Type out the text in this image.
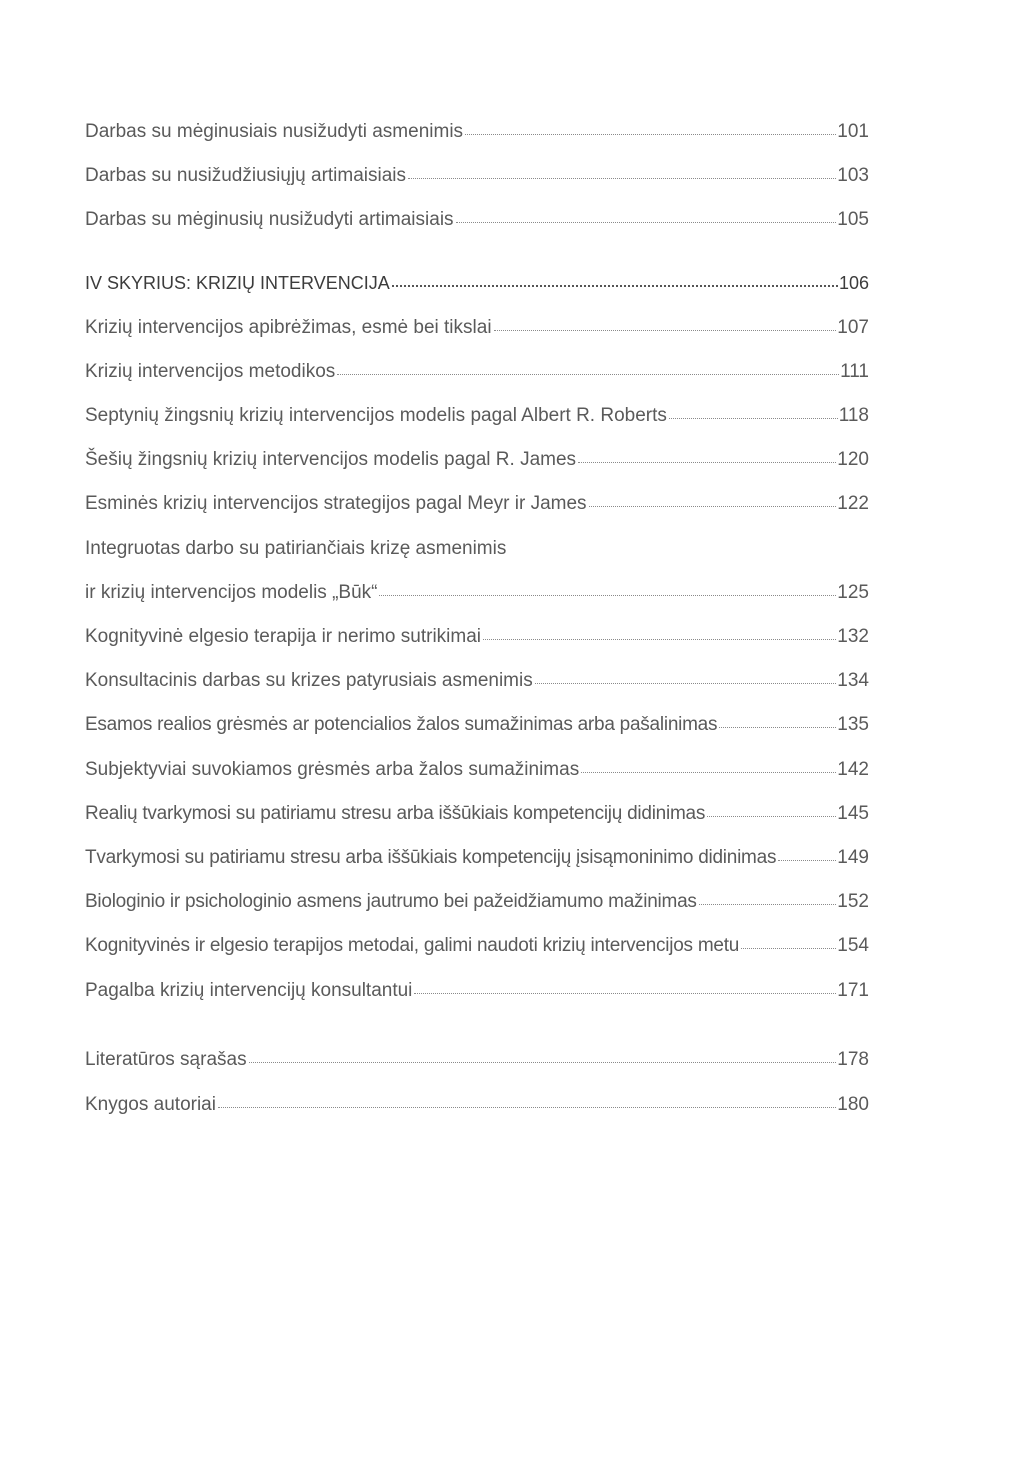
Darbas su mėginusiais nusižudyti asmenimis	101
Darbas su nusižudžiusiųjų artimaisiais	103
Darbas su mėginusių nusižudyti artimaisiais	105
IV SKYRIUS: KRIZIŲ INTERVENCIJA	106
Krizių intervencijos apibrėžimas, esmė bei tikslai	107
Krizių intervencijos metodikos	111
Septynių žingsnių krizių intervencijos modelis pagal Albert R. Roberts	118
Šešių žingsnių krizių intervencijos modelis pagal R. James	120
Esminės krizių intervencijos strategijos pagal Meyr ir James	122
Integruotas darbo su patiriančiais krizę asmenimis
ir krizių intervencijos modelis „Būk“	125
Kognityvinė elgesio terapija ir nerimo sutrikimai	132
Konsultacinis darbas su krizes patyrusiais asmenimis	134
Esamos realios grėsmės ar potencialios žalos sumažinimas arba pašalinimas	135
Subjektyviai suvokiamos grėsmės arba žalos sumažinimas	142
Realių tvarkymosi su patiriamu stresu arba iššūkiais kompetencijų didinimas	145
Tvarkymosi su patiriamu stresu arba iššūkiais kompetencijų įsisąmoninimo didinimas	149
Biologinio ir psichologinio asmens jautrumo bei pažeidžiamumo mažinimas	152
Kognityvinės ir elgesio terapijos metodai, galimi naudoti krizių intervencijos metu	154
Pagalba krizių intervencijų konsultantui	171
Literatūros sąrašas	178
Knygos autoriai	180
